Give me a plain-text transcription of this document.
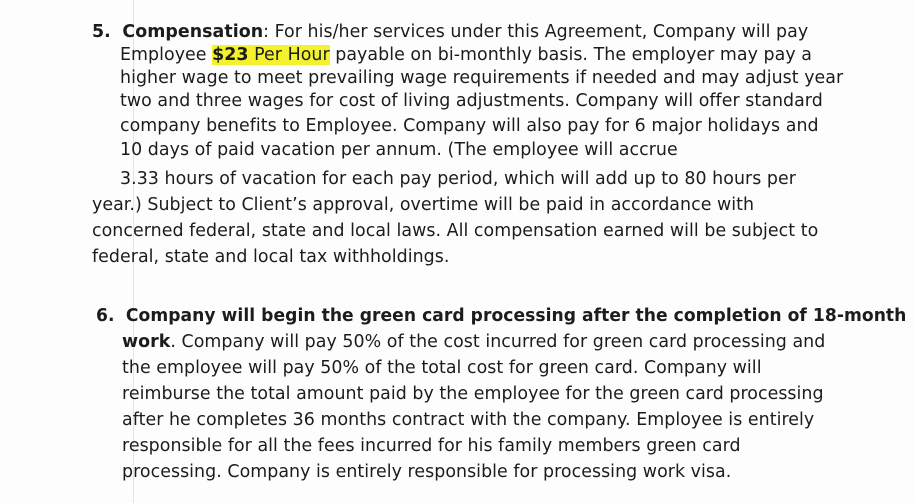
5. Compensation: For his/her services under this Agreement, Company will pay
Employee $23 Per Hour payable on bi-monthly basis. The employer may pay a
higher wage to meet prevailing wage requirements if needed and may adjust year
two and three wages for cost of living adjustments. Company will offer standard
company benefits to Employee. Company will also pay for 6 major holidays and
10 days of paid vacation per annum. (The employee will accrue
3.33 hours of vacation for each pay period, which will add up to 80 hours per
year.) Subject to Client’s approval, overtime will be paid in accordance with
concerned federal, state and local laws. All compensation earned will be subject to
federal, state and local tax withholdings.
6. Company will begin the green card processing after the completion of 18-month
work. Company will pay 50% of the cost incurred for green card processing and
the employee will pay 50% of the total cost for green card. Company will
reimburse the total amount paid by the employee for the green card processing
after he completes 36 months contract with the company. Employee is entirely
responsible for all the fees incurred for his family members green card
processing. Company is entirely responsible for processing work visa.
